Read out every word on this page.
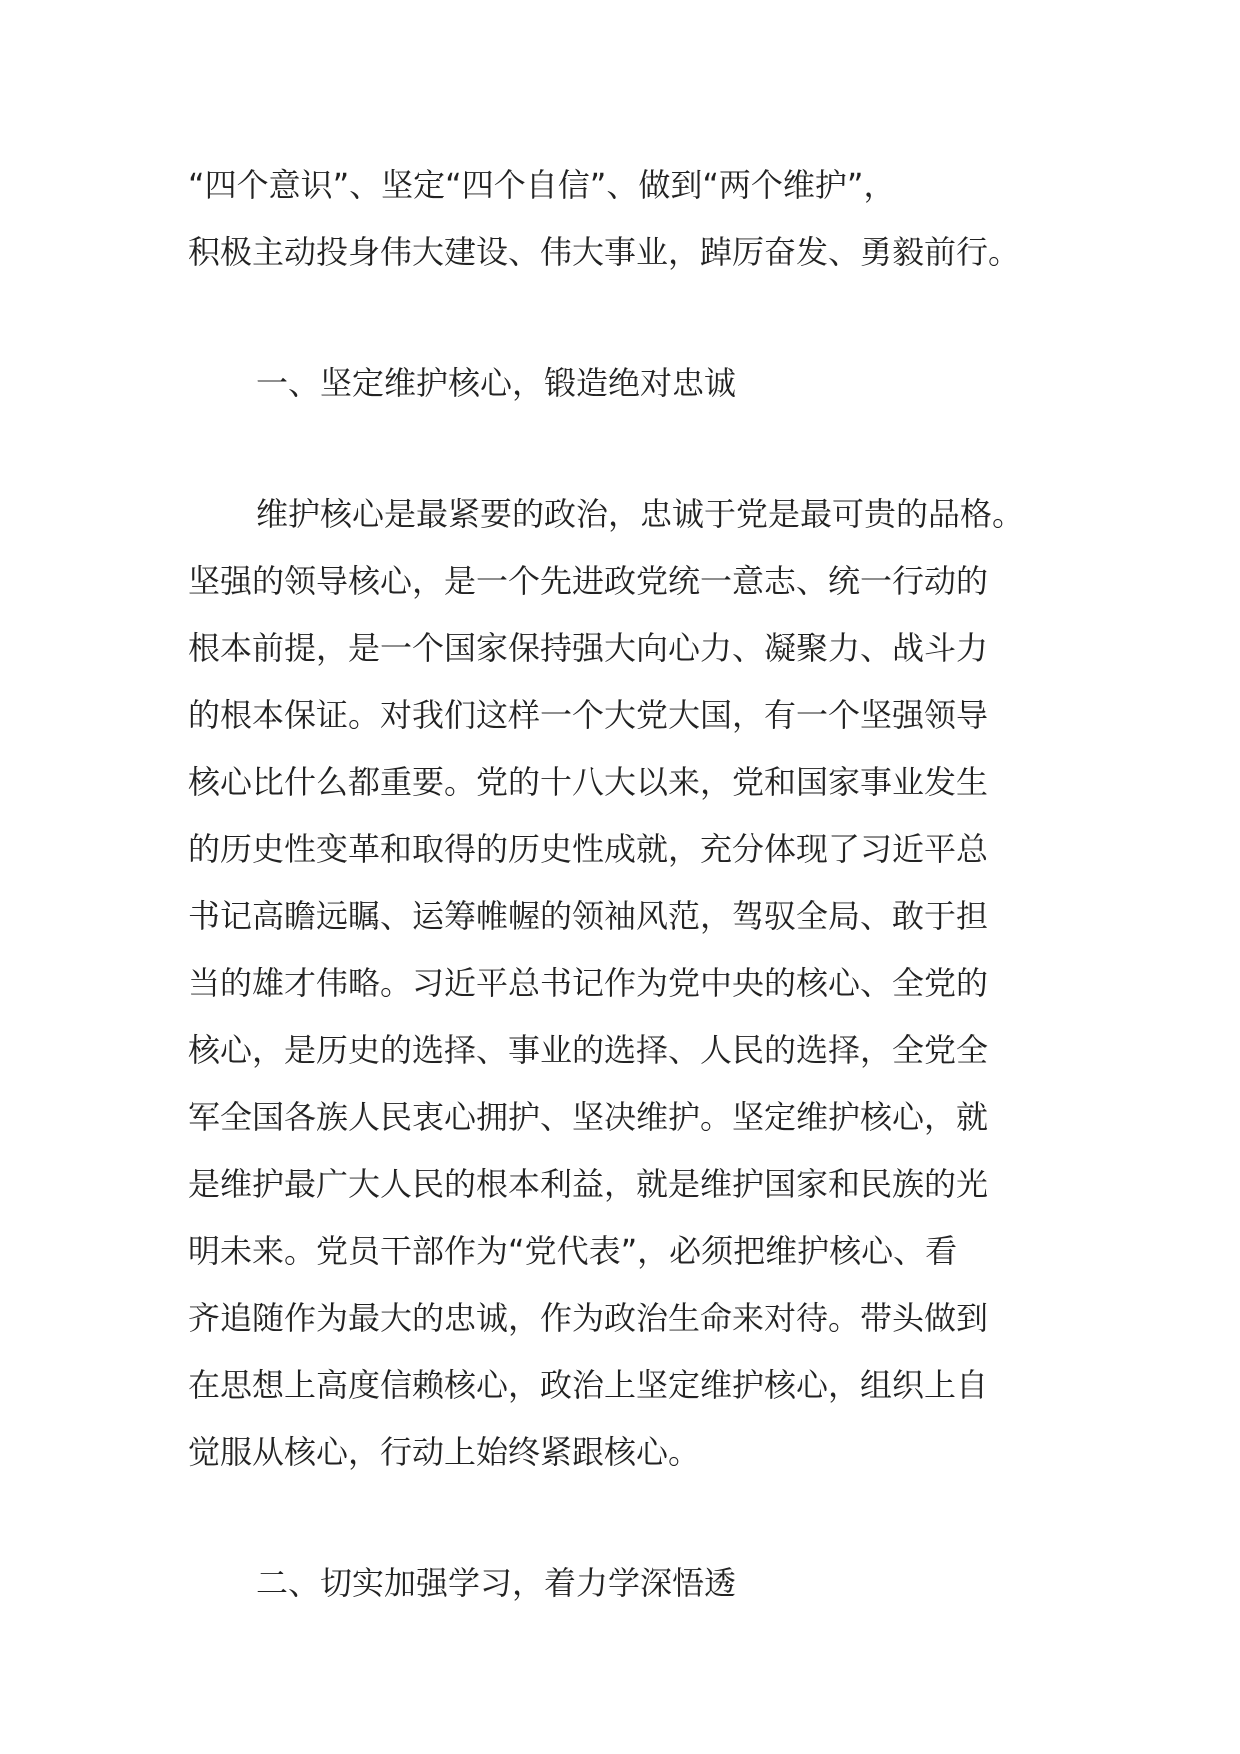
“四个意识”、坚定“四个自信”、做到“两个维护”，
积极主动投身伟大建设、伟大事业，踔厉奋发、勇毅前行。
一、坚定维护核心，锻造绝对忠诚
维护核心是最紧要的政治，忠诚于党是最可贵的品格。
坚强的领导核心，是一个先进政党统一意志、统一行动的
根本前提，是一个国家保持强大向心力、凝聚力、战斗力
的根本保证。对我们这样一个大党大国，有一个坚强领导
核心比什么都重要。党的十八大以来，党和国家事业发生
的历史性变革和取得的历史性成就，充分体现了习近平总
书记高瞻远瞩、运筹帷幄的领袖风范，驾驭全局、敢于担
当的雄才伟略。习近平总书记作为党中央的核心、全党的
核心，是历史的选择、事业的选择、人民的选择，全党全
军全国各族人民衷心拥护、坚决维护。坚定维护核心，就
是维护最广大人民的根本利益，就是维护国家和民族的光
明未来。党员干部作为“党代表”，必须把维护核心、看
齐追随作为最大的忠诚，作为政治生命来对待。带头做到
在思想上高度信赖核心，政治上坚定维护核心，组织上自
觉服从核心，行动上始终紧跟核心。
二、切实加强学习，着力学深悟透
